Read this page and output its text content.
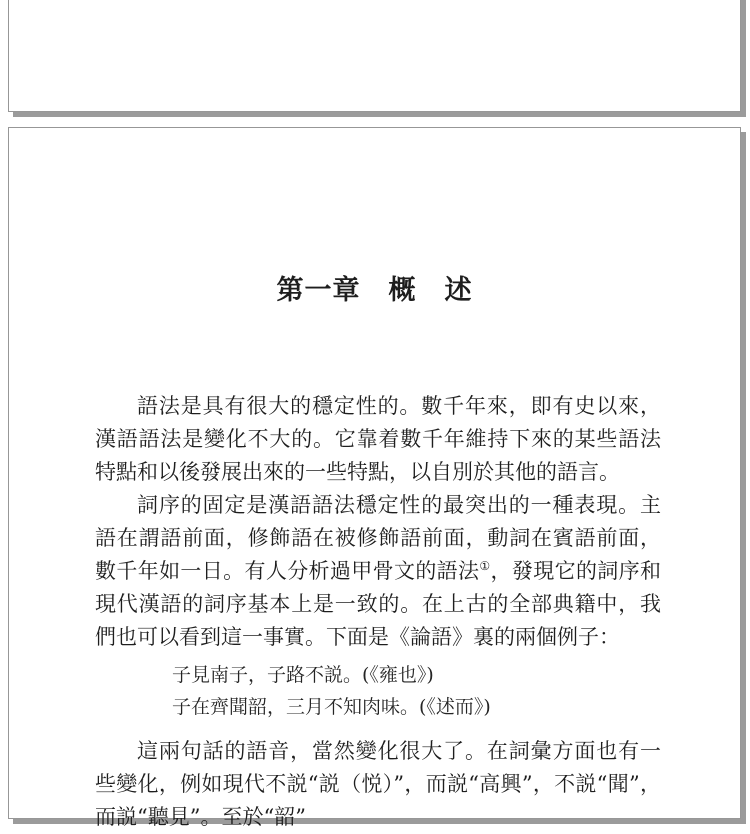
第一章　概　述

語法是具有很大的穩定性的。數千年來，即有史以來，漢語語法是變化不大的。它靠着數千年維持下來的某些語法特點和以後發展出來的一些特點，以自別於其他的語言。

詞序的固定是漢語語法穩定性的最突出的一種表現。主語在謂語前面，修飾語在被修飾語前面，動詞在賓語前面，數千年如一日。有人分析過甲骨文的語法①，發現它的詞序和現代漢語的詞序基本上是一致的。在上古的全部典籍中，我們也可以看到這一事實。下面是《論語》裏的兩個例子：

子見南子，子路不説。(《雍也》)
子在齊聞韶，三月不知肉味。(《述而》)

這兩句話的語音，當然變化很大了。在詞彙方面也有一些變化，例如現代不説“説（悦）”，而説“高興”，不説“聞”，而説“聽見”。至於“韶”
